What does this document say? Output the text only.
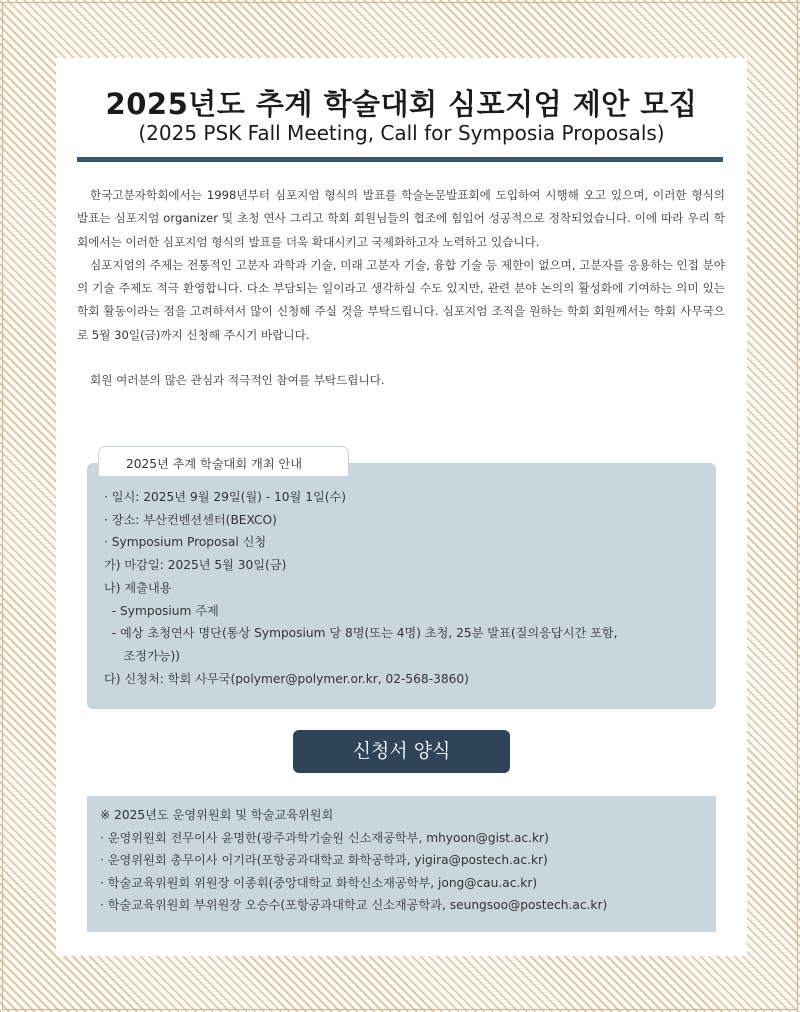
2025년도 추계 학술대회 심포지엄 제안 모집
(2025 PSK Fall Meeting, Call for Symposia Proposals)

한국고분자학회에서는 1998년부터 심포지엄 형식의 발표를 학술논문발표회에 도입하여 시행해 오고 있으며, 이러한 형식의 발표는 심포지엄 organizer 및 초청 연사 그리고 학회 회원님들의 협조에 힘입어 성공적으로 정착되었습니다. 이에 따라 우리 학회에서는 이러한 심포지엄 형식의 발표를 더욱 확대시키고 국제화하고자 노력하고 있습니다.

심포지엄의 주제는 전통적인 고분자 과학과 기술, 미래 고분자 기술, 융합 기술 등 제한이 없으며, 고분자를 응용하는 인접 분야의 기술 주제도 적극 환영합니다. 다소 부담되는 일이라고 생각하실 수도 있지만, 관련 분야 논의의 활성화에 기여하는 의미 있는 학회 활동이라는 점을 고려하셔서 많이 신청해 주실 것을 부탁드립니다. 심포지엄 조직을 원하는 학회 회원께서는 학회 사무국으로 5월 30일(금)까지 신청해 주시기 바랍니다.

회원 여러분의 많은 관심과 적극적인 참여를 부탁드립니다.

2025년 추계 학술대회 개최 안내
· 일시: 2025년 9월 29일(월) - 10월 1일(수)
· 장소: 부산컨벤션센터(BEXCO)
· Symposium Proposal 신청
가) 마감일: 2025년 5월 30일(금)
나) 제출내용
- Symposium 주제
- 예상 초청연사 명단(통상 Symposium 당 8명(또는 4명) 초청, 25분 발표(질의응답시간 포함,
조정가능))
다) 신청처: 학회 사무국(polymer@polymer.or.kr, 02-568-3860)
신청서 양식
※ 2025년도 운영위원회 및 학술교육위원회
· 운영위원회 전무이사 윤명한(광주과학기술원 신소재공학부, mhyoon@gist.ac.kr)
· 운영위원회 총무이사 이기라(포항공과대학교 화학공학과, yigira@postech.ac.kr)
· 학술교육위원회 위원장 이종휘(중앙대학교 화학신소재공학부, jong@cau.ac.kr)
· 학술교육위원회 부위원장 오승수(포항공과대학교 신소재공학과, seungsoo@postech.ac.kr)
